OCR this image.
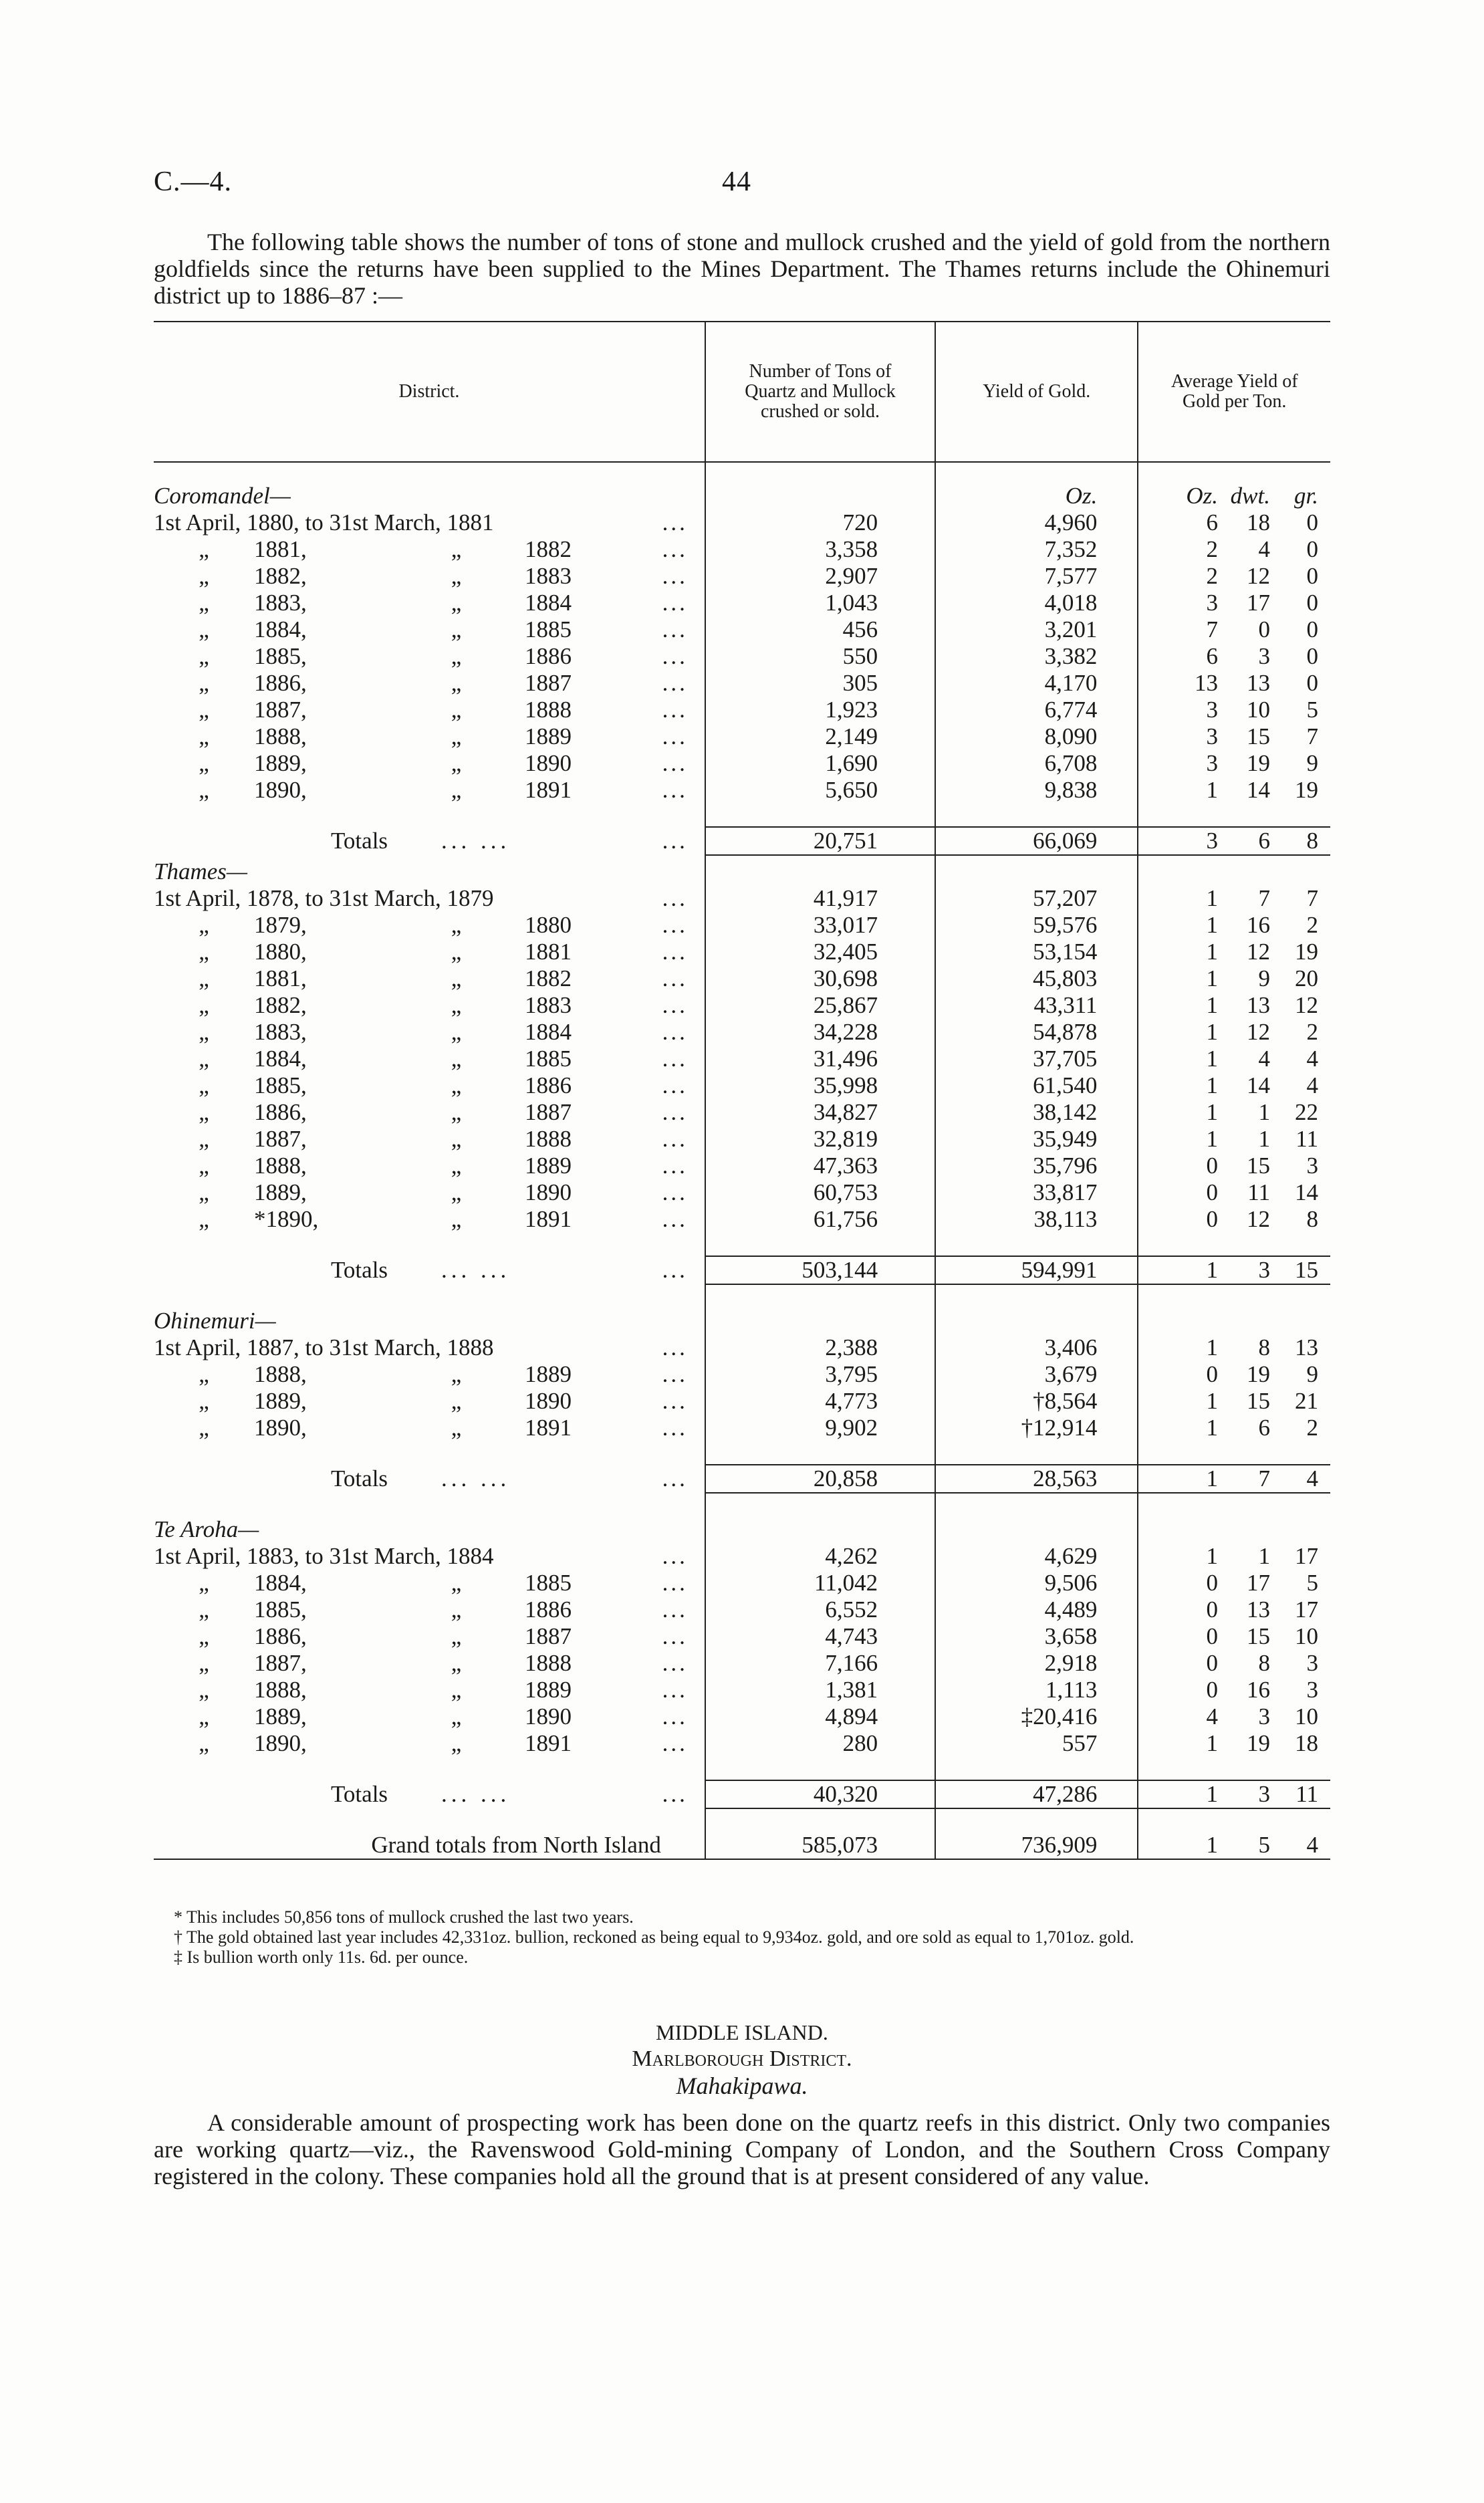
C.—4.	44

The following table shows the number of tons of stone and mullock crushed and the yield of gold from the northern goldfields since the returns have been supplied to the Mines Department. The Thames returns include the Ohinemuri district up to 1886–87 :—

District.	Number of Tons of Quartz and Mullock crushed or sold.	Yield of Gold.	Average Yield of Gold per Ton.

Coromandel—		Oz.	Oz. dwt. gr.
1st April, 1880, to 31st March, 1881 ...	720	4,960	6 18 0
„ 1881, „ 1882 ...	3,358	7,352	2 4 0
„ 1882, „ 1883 ...	2,907	7,577	2 12 0
„ 1883, „ 1884 ...	1,043	4,018	3 17 0
„ 1884, „ 1885 ...	456	3,201	7 0 0
„ 1885, „ 1886 ...	550	3,382	6 3 0
„ 1886, „ 1887 ...	305	4,170	13 13 0
„ 1887, „ 1888 ...	1,923	6,774	3 10 5
„ 1888, „ 1889 ...	2,149	8,090	3 15 7
„ 1889, „ 1890 ...	1,690	6,708	3 19 9
„ 1890, „ 1891 ...	5,650	9,838	1 14 19

Totals ... ... ...	20,751	66,069	3 6 8

Thames—			
1st April, 1878, to 31st March, 1879 ...	41,917	57,207	1 7 7
„ 1879, „ 1880 ...	33,017	59,576	1 16 2
„ 1880, „ 1881 ...	32,405	53,154	1 12 19
„ 1881, „ 1882 ...	30,698	45,803	1 9 20
„ 1882, „ 1883 ...	25,867	43,311	1 13 12
„ 1883, „ 1884 ...	34,228	54,878	1 12 2
„ 1884, „ 1885 ...	31,496	37,705	1 4 4
„ 1885, „ 1886 ...	35,998	61,540	1 14 4
„ 1886, „ 1887 ...	34,827	38,142	1 1 22
„ 1887, „ 1888 ...	32,819	35,949	1 1 11
„ 1888, „ 1889 ...	47,363	35,796	0 15 3
„ 1889, „ 1890 ...	60,753	33,817	0 11 14
„ *1890, „ 1891 ...	61,756	38,113	0 12 8

Totals ... ... ...	503,144	594,991	1 3 15

Ohinemuri—			
1st April, 1887, to 31st March, 1888 ...	2,388	3,406	1 8 13
„ 1888, „ 1889 ...	3,795	3,679	0 19 9
„ 1889, „ 1890 ...	4,773	†8,564	1 15 21
„ 1890, „ 1891 ...	9,902	†12,914	1 6 2

Totals ... ... ...	20,858	28,563	1 7 4

Te Aroha—			
1st April, 1883, to 31st March, 1884 ...	4,262	4,629	1 1 17
„ 1884, „ 1885 ...	11,042	9,506	0 17 5
„ 1885, „ 1886 ...	6,552	4,489	0 13 17
„ 1886, „ 1887 ...	4,743	3,658	0 15 10
„ 1887, „ 1888 ...	7,166	2,918	0 8 3
„ 1888, „ 1889 ...	1,381	1,113	0 16 3
„ 1889, „ 1890 ...	4,894	‡20,416	4 3 10
„ 1890, „ 1891 ...	280	557	1 19 18

Totals ... ... ...	40,320	47,286	1 3 11

Grand totals from North Island	585,073	736,909	1 5 4

* This includes 50,856 tons of mullock crushed the last two years.

† The gold obtained last year includes 42,331oz. bullion, reckoned as being equal to 9,934oz. gold, and ore sold as equal to 1,701oz. gold.

‡ Is bullion worth only 11s. 6d. per ounce.

MIDDLE ISLAND.
Marlborough District.
Mahakipawa.

A considerable amount of prospecting work has been done on the quartz reefs in this district. Only two companies are working quartz—viz., the Ravenswood Gold-mining Company of London, and the Southern Cross Company registered in the colony. These companies hold all the ground that is at present considered of any value.
